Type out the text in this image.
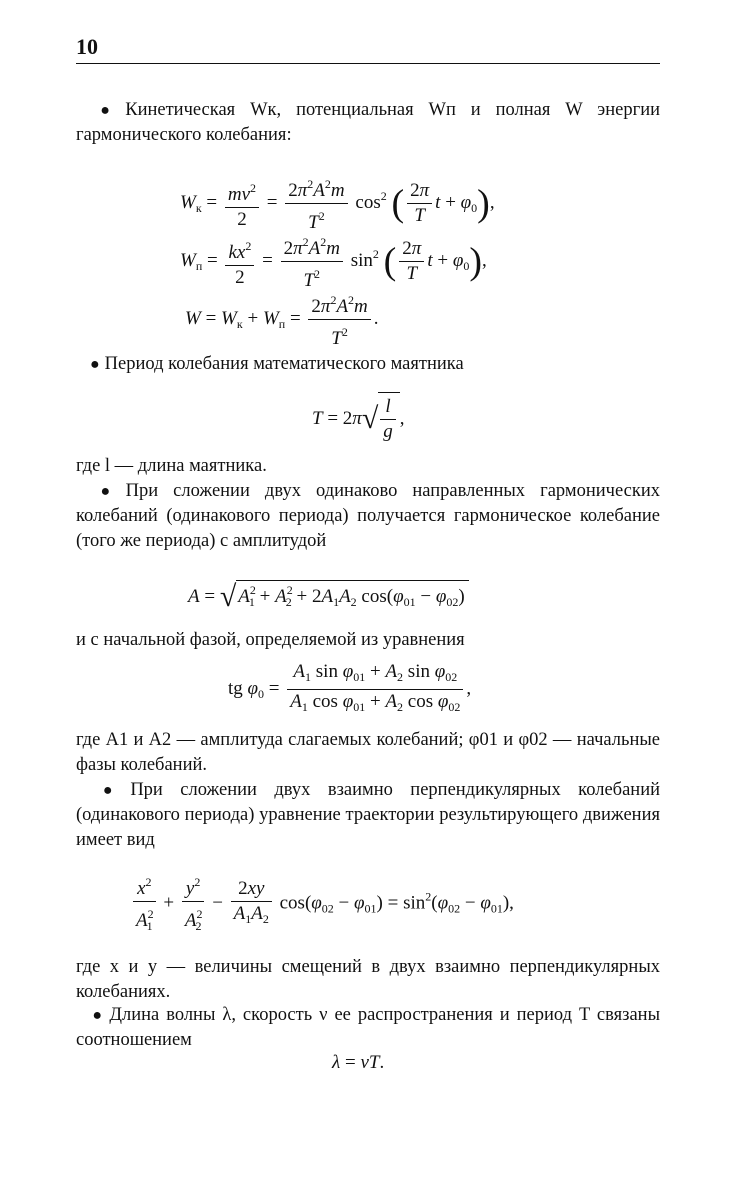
10
● Кинетическая Wк, потенциальная Wп и полная W энергии гармонического колебания:
$W_к = \frac{mv^2}{2} = \frac{2\pi^2A^2m}{T^2} \cos^2$ ( $\frac{2\pi}{T}$ $t + \varphi_0$),
$W_п = \frac{kx^2}{2} = \frac{2\pi^2A^2m}{T^2} \sin^2$ ( $\frac{2\pi}{T}$ $t + \varphi_0$),
$W = W_к + W_п = \frac{2\pi^2A^2m}{T^2}$ .
● Период колебания математического маятника
$T = 2\pi√ \frac{l}{g}$ ,
где l — длина маятника.
● При сложении двух одинаково направленных гармонических колебаний (одинакового периода) получается гармоническое колебание (того же периода) с амплитудой
A = √ $A^2_1 + A^2_2 + 2A_1A_2$ $\cos(\varphi_{01} - \varphi_{02})$
и с начальной фазой, определяемой из уравнения
tg $\varphi_0 = \frac{A_1 \sin \varphi_{01} + A_2 \sin \varphi_{02}}{A_1 \cos \varphi_{01} + A_2 \cos \varphi_{02}}$ ,
где A1 и A2 — амплитуда слагаемых колебаний; φ01 и φ02 — начальные фазы колебаний.
● При сложении двух взаимно перпендикулярных колебаний (одинакового периода) уравнение траектории результирующего движения имеет вид
$\frac{x^2}{A^2_1} + \frac{y^2}{A^2_2} - \frac{2xy}{A_1A_2} \cos(\varphi_{02} - \varphi_{01}) = \sin^2(\varphi_{02} - \varphi_{01})$,
где x и y — величины смещений в двух взаимно перпендикулярных колебаниях.
● Длина волны λ, скорость ν ее распространения и период T связаны соотношением
λ = νT.
